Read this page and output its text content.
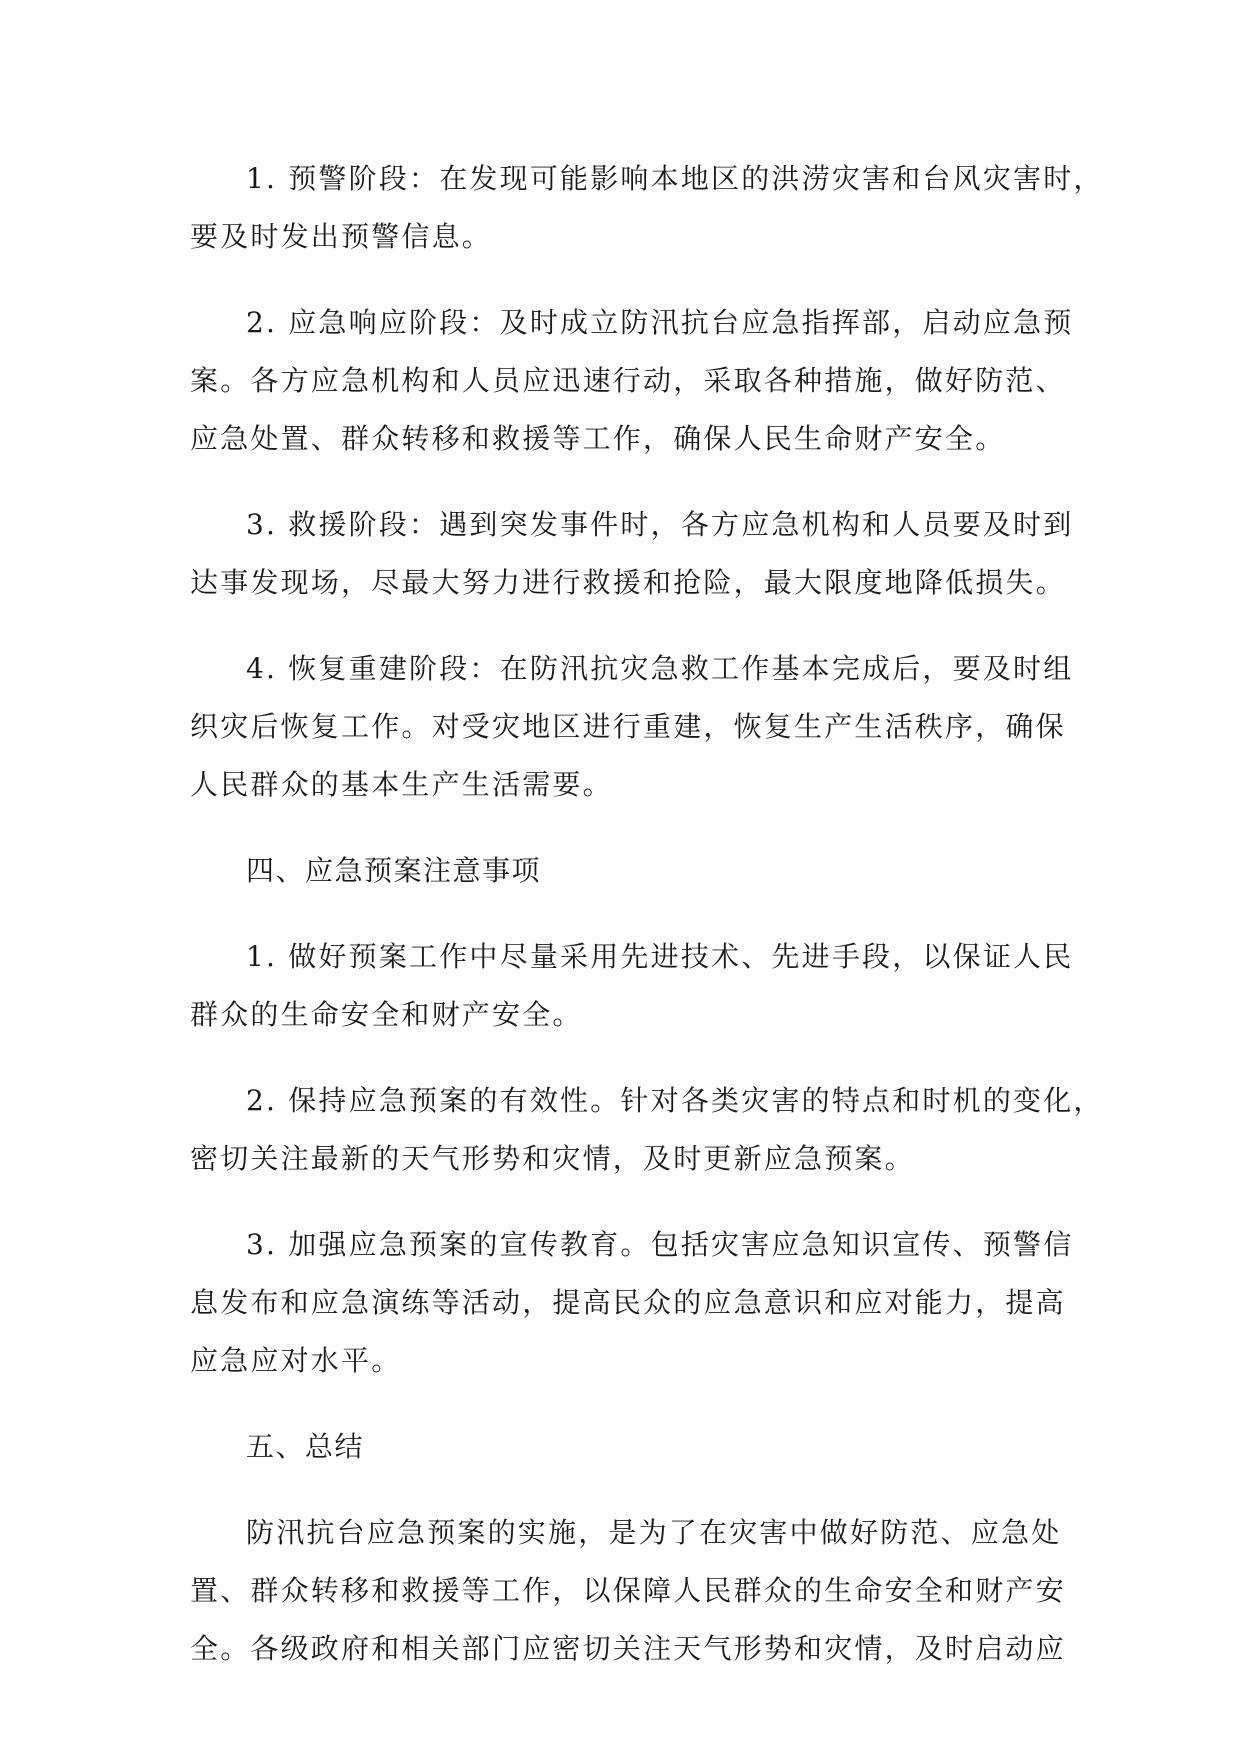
1. 预警阶段：在发现可能影响本地区的洪涝灾害和台风灾害时，
要及时发出预警信息。
2. 应急响应阶段：及时成立防汛抗台应急指挥部，启动应急预
案。各方应急机构和人员应迅速行动，采取各种措施，做好防范、
应急处置、群众转移和救援等工作，确保人民生命财产安全。
3. 救援阶段：遇到突发事件时，各方应急机构和人员要及时到
达事发现场，尽最大努力进行救援和抢险，最大限度地降低损失。
4. 恢复重建阶段：在防汛抗灾急救工作基本完成后，要及时组
织灾后恢复工作。对受灾地区进行重建，恢复生产生活秩序，确保
人民群众的基本生产生活需要。
四、应急预案注意事项
1. 做好预案工作中尽量采用先进技术、先进手段，以保证人民
群众的生命安全和财产安全。
2. 保持应急预案的有效性。针对各类灾害的特点和时机的变化，
密切关注最新的天气形势和灾情，及时更新应急预案。
3. 加强应急预案的宣传教育。包括灾害应急知识宣传、预警信
息发布和应急演练等活动，提高民众的应急意识和应对能力，提高
应急应对水平。
五、总结
防汛抗台应急预案的实施，是为了在灾害中做好防范、应急处
置、群众转移和救援等工作，以保障人民群众的生命安全和财产安
全。各级政府和相关部门应密切关注天气形势和灾情，及时启动应
